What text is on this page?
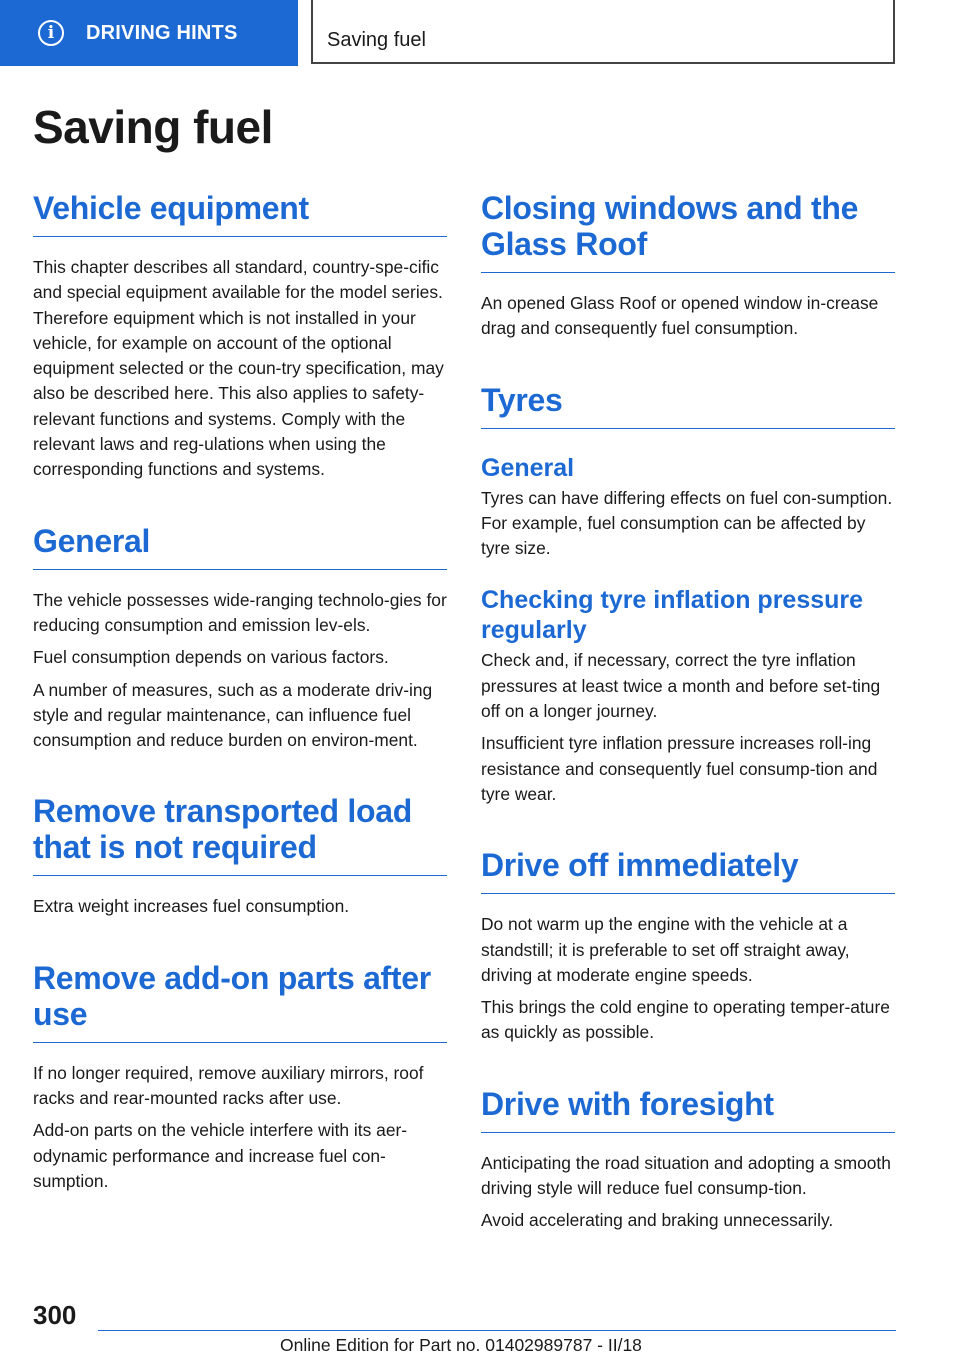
i	DRIVING HINTS	Saving fuel
Saving fuel
Vehicle equipment

This chapter describes all standard, country-spe-cific and special equipment available for the model series. Therefore equipment which is not installed in your vehicle, for example on account of the optional equipment selected or the coun-try specification, may also be described here. This also applies to safety-relevant functions and systems. Comply with the relevant laws and reg-ulations when using the corresponding functions and systems.

General

The vehicle possesses wide-ranging technolo-gies for reducing consumption and emission lev-els.

Fuel consumption depends on various factors.

A number of measures, such as a moderate driv-ing style and regular maintenance, can influence fuel consumption and reduce burden on environ-ment.

Remove transported load that is not required

Extra weight increases fuel consumption.

Remove add-on parts after use

If no longer required, remove auxiliary mirrors, roof racks and rear-mounted racks after use.

Add-on parts on the vehicle interfere with its aer-odynamic performance and increase fuel con-sumption.

Closing windows and the Glass Roof

An opened Glass Roof or opened window in-crease drag and consequently fuel consumption.

Tyres
General

Tyres can have differing effects on fuel con-sumption. For example, fuel consumption can be affected by tyre size.

Checking tyre inflation pressure regularly

Check and, if necessary, correct the tyre inflation pressures at least twice a month and before set-ting off on a longer journey.

Insufficient tyre inflation pressure increases roll-ing resistance and consequently fuel consump-tion and tyre wear.

Drive off immediately

Do not warm up the engine with the vehicle at a standstill; it is preferable to set off straight away, driving at moderate engine speeds.

This brings the cold engine to operating temper-ature as quickly as possible.

Drive with foresight

Anticipating the road situation and adopting a smooth driving style will reduce fuel consump-tion.

Avoid accelerating and braking unnecessarily.

300
Online Edition for Part no. 01402989787 - II/18
